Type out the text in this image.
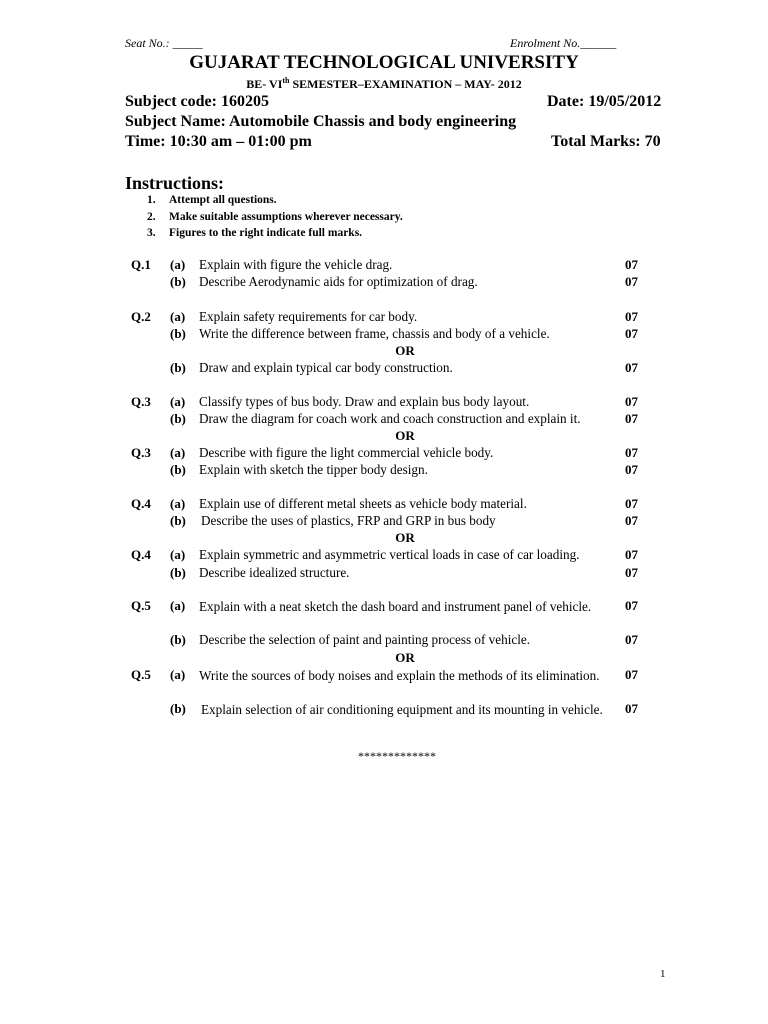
Seat No.: _____	Enrolment No.______
GUJARAT TECHNOLOGICAL UNIVERSITY
BE- VIth SEMESTER–EXAMINATION – MAY- 2012
Subject code: 160205	Date: 19/05/2012
Subject Name: Automobile Chassis and body engineering
Time: 10:30 am – 01:00 pm	Total Marks: 70
Instructions:
1. Attempt all questions.
2. Make suitable assumptions wherever necessary.
3. Figures to the right indicate full marks.
Q.1 (a) Explain with figure the vehicle drag.	07
(b) Describe Aerodynamic aids for optimization of drag.	07
Q.2 (a) Explain safety requirements for car body.	07
(b) Write the difference between frame, chassis and body of a vehicle.	07
OR
(b) Draw and explain typical car body construction.	07
Q.3 (a) Classify types of bus body. Draw and explain bus body layout.	07
(b) Draw the diagram for coach work and coach construction and explain it.	07
OR
Q.3 (a) Describe with figure the light commercial vehicle body.	07
(b) Explain with sketch the tipper body design.	07
Q.4 (a) Explain use of different metal sheets as vehicle body material.	07
(b) Describe the uses of plastics, FRP and GRP in bus body	07
OR
Q.4 (a) Explain symmetric and asymmetric vertical loads in case of car loading.	07
(b) Describe idealized structure.	07
Q.5 (a) Explain with a neat sketch the dash board and instrument panel of vehicle.	07
(b) Describe the selection of paint and painting process of vehicle.	07
OR
Q.5 (a) Write the sources of body noises and explain the methods of its elimination.	07
(b) Explain selection of air conditioning equipment and its mounting in vehicle.	07
*************
1
